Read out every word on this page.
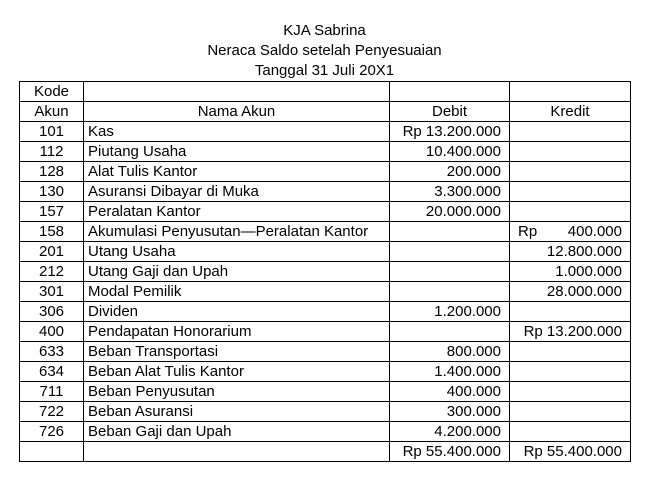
KJA Sabrina
Neraca Saldo setelah Penyesuaian
Tanggal 31 Juli 20X1
Kode			
Akun	Nama Akun	Debit	Kredit
101	Kas	Rp 13.200.000	
112	Piutang Usaha	10.400.000	
128	Alat Tulis Kantor	200.000	
130	Asuransi Dibayar di Muka	3.300.000	
157	Peralatan Kantor	20.000.000	
158	Akumulasi Penyusutan—Peralatan Kantor		Rp 400.000

201	Utang Usaha		12.800.000
212	Utang Gaji dan Upah		1.000.000
301	Modal Pemilik		28.000.000
306	Dividen	1.200.000	
400	Pendapatan Honorarium		Rp 13.200.000
633	Beban Transportasi	800.000	
634	Beban Alat Tulis Kantor	1.400.000	
711	Beban Penyusutan	400.000	
722	Beban Asuransi	300.000	
726	Beban Gaji dan Upah	4.200.000	
		Rp 55.400.000	Rp 55.400.000
